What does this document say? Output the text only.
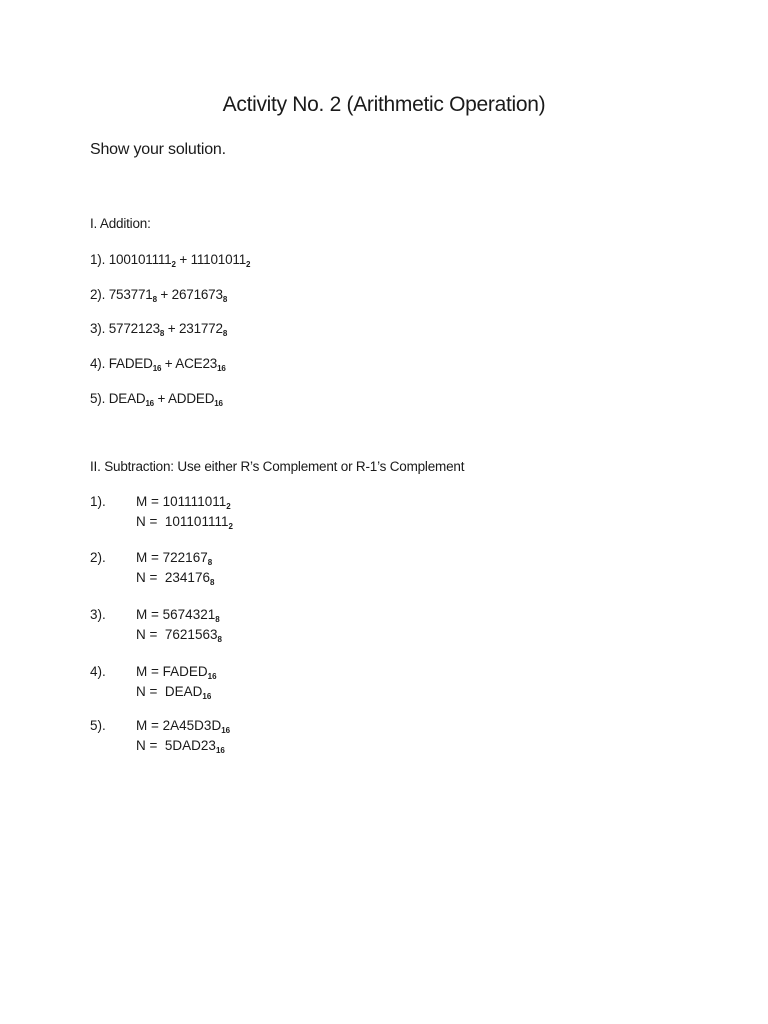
Activity No. 2 (Arithmetic Operation)
Show your solution.
I. Addition:
1). $100101111_2 + 11101011_2$
2). $753771_8 + 2671673_8$
3). $5772123_8 + 231772_8$
4). $FADED_{16} + ACE23_{16}$
5). $DEAD_{16}$ + $ADDED_{16}$
II. Subtraction: Use either R’s Complement or R-1’s Complement
1). $M = 101111011_2$
$N = 101101111_2$
2). $M = 722167_8$
$N = 234176_8$
3). $M = 5674321_8$
$N = 7621563_8$
4). $M = FADED_{16}$
$N = DEAD_{16}$
5). $M = 2A45D3D_{16}$
$N = 5DAD23_{16}$
